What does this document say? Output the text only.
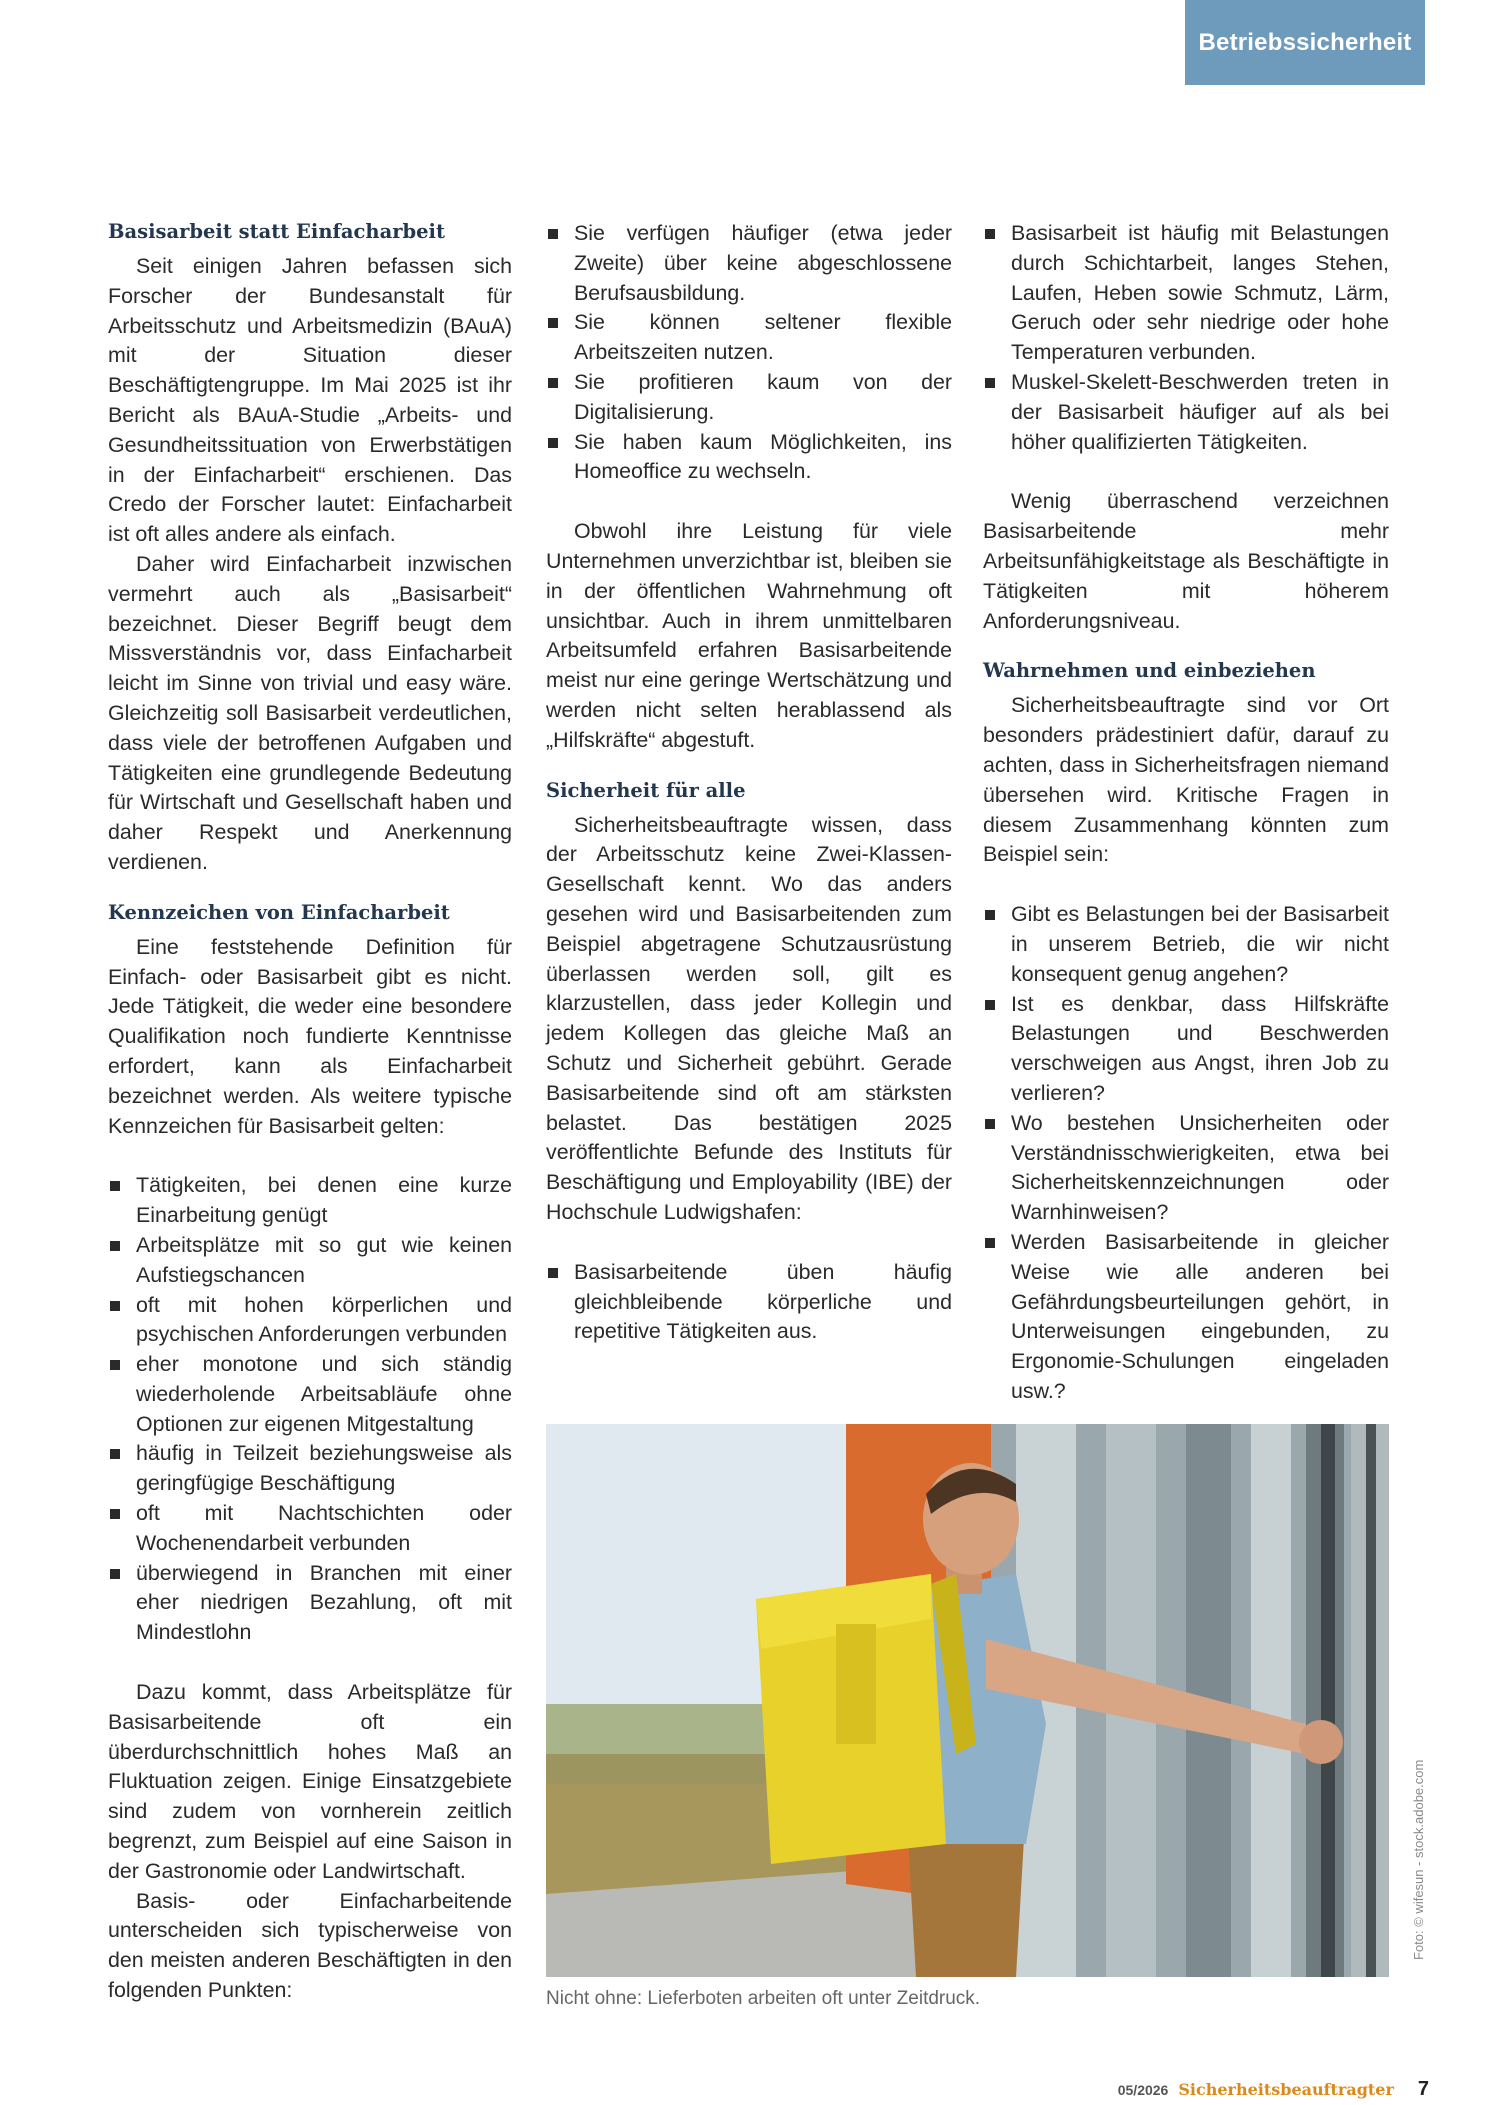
Betriebssicherheit
Basisarbeit statt Einfacharbeit

Seit einigen Jahren befassen sich Forscher der Bundesanstalt für Arbeitsschutz und Arbeitsmedizin (BAuA) mit der Situation dieser Beschäftigtengruppe. Im Mai 2025 ist ihr Bericht als BAuA-Studie „Arbeits- und Gesundheitssituation von Erwerbstätigen in der Einfacharbeit“ erschienen. Das Credo der Forscher lautet: Einfacharbeit ist oft alles andere als einfach.

Daher wird Einfacharbeit inzwischen vermehrt auch als „Basisarbeit“ bezeichnet. Dieser Begriff beugt dem Missverständnis vor, dass Einfacharbeit leicht im Sinne von trivial und easy wäre. Gleichzeitig soll Basisarbeit verdeutlichen, dass viele der betroffenen Aufgaben und Tätigkeiten eine grundlegende Bedeutung für Wirtschaft und Gesellschaft haben und daher Respekt und Anerkennung verdienen.

Kennzeichen von Einfacharbeit

Eine feststehende Definition für Einfach- oder Basisarbeit gibt es nicht. Jede Tätigkeit, die weder eine besondere Qualifikation noch fundierte Kenntnisse erfordert, kann als Einfacharbeit bezeichnet werden. Als weitere typische Kennzeichen für Basisarbeit gelten:

Tätigkeiten, bei denen eine kurze Einarbeitung genügt
Arbeitsplätze mit so gut wie keinen Aufstiegschancen
oft mit hohen körperlichen und psychischen Anforderungen verbunden
eher monotone und sich ständig wiederholende Arbeitsabläufe ohne Optionen zur eigenen Mitgestaltung
häufig in Teilzeit beziehungsweise als geringfügige Beschäftigung
oft mit Nachtschichten oder Wochenendarbeit verbunden
überwiegend in Branchen mit einer eher niedrigen Bezahlung, oft mit Mindestlohn

Dazu kommt, dass Arbeitsplätze für Basisarbeitende oft ein überdurchschnittlich hohes Maß an Fluktuation zeigen. Einige Einsatzgebiete sind zudem von vornherein zeitlich begrenzt, zum Beispiel auf eine Saison in der Gastronomie oder Landwirtschaft.

Basis- oder Einfacharbeitende unterscheiden sich typischerweise von den meisten anderen Beschäftigten in den folgenden Punkten:

Sie verfügen häufiger (etwa jeder Zweite) über keine abgeschlossene Berufsausbildung.
Sie können seltener flexible Arbeitszeiten nutzen.
Sie profitieren kaum von der Digitalisierung.
Sie haben kaum Möglichkeiten, ins Homeoffice zu wechseln.

Obwohl ihre Leistung für viele Unternehmen unverzichtbar ist, bleiben sie in der öffentlichen Wahrnehmung oft unsichtbar. Auch in ihrem unmittelbaren Arbeitsumfeld erfahren Basisarbeitende meist nur eine geringe Wertschätzung und werden nicht selten herablassend als „Hilfskräfte“ abgestuft.

Sicherheit für alle

Sicherheitsbeauftragte wissen, dass der Arbeitsschutz keine Zwei-Klassen-Gesellschaft kennt. Wo das anders gesehen wird und Basisarbeitenden zum Beispiel abgetragene Schutzausrüstung überlassen werden soll, gilt es klarzustellen, dass jeder Kollegin und jedem Kollegen das gleiche Maß an Schutz und Sicherheit gebührt. Gerade Basisarbeitende sind oft am stärksten belastet. Das bestätigen 2025 veröffentlichte Befunde des Instituts für Beschäftigung und Employability (IBE) der Hochschule Ludwigshafen:

Basisarbeitende üben häufig gleichbleibende körperliche und repetitive Tätigkeiten aus.
Basisarbeit ist häufig mit Belastungen durch Schichtarbeit, langes Stehen, Laufen, Heben sowie Schmutz, Lärm, Geruch oder sehr niedrige oder hohe Temperaturen verbunden.
Muskel-Skelett-Beschwerden treten in der Basisarbeit häufiger auf als bei höher qualifizierten Tätigkeiten.

Wenig überraschend verzeichnen Basisarbeitende mehr Arbeitsunfähigkeitstage als Beschäftigte in Tätigkeiten mit höherem Anforderungsniveau.

Wahrnehmen und einbeziehen

Sicherheitsbeauftragte sind vor Ort besonders prädestiniert dafür, darauf zu achten, dass in Sicherheitsfragen niemand übersehen wird. Kritische Fragen in diesem Zusammenhang könnten zum Beispiel sein:

Gibt es Belastungen bei der Basisarbeit in unserem Betrieb, die wir nicht konsequent genug angehen?
Ist es denkbar, dass Hilfskräfte Belastungen und Beschwerden verschweigen aus Angst, ihren Job zu verlieren?
Wo bestehen Unsicherheiten oder Verständnisschwierigkeiten, etwa bei Sicherheitskennzeichnungen oder Warnhinweisen?
Werden Basisarbeitende in gleicher Weise wie alle anderen bei Gefährdungsbeurteilungen gehört, in Unterweisungen eingebunden, zu Ergonomie-Schulungen eingeladen usw.?
Foto: © wifesun - stock.adobe.com
Nicht ohne: Lieferboten arbeiten oft unter Zeitdruck.
05/2026 Sicherheitsbeauftragter 7
